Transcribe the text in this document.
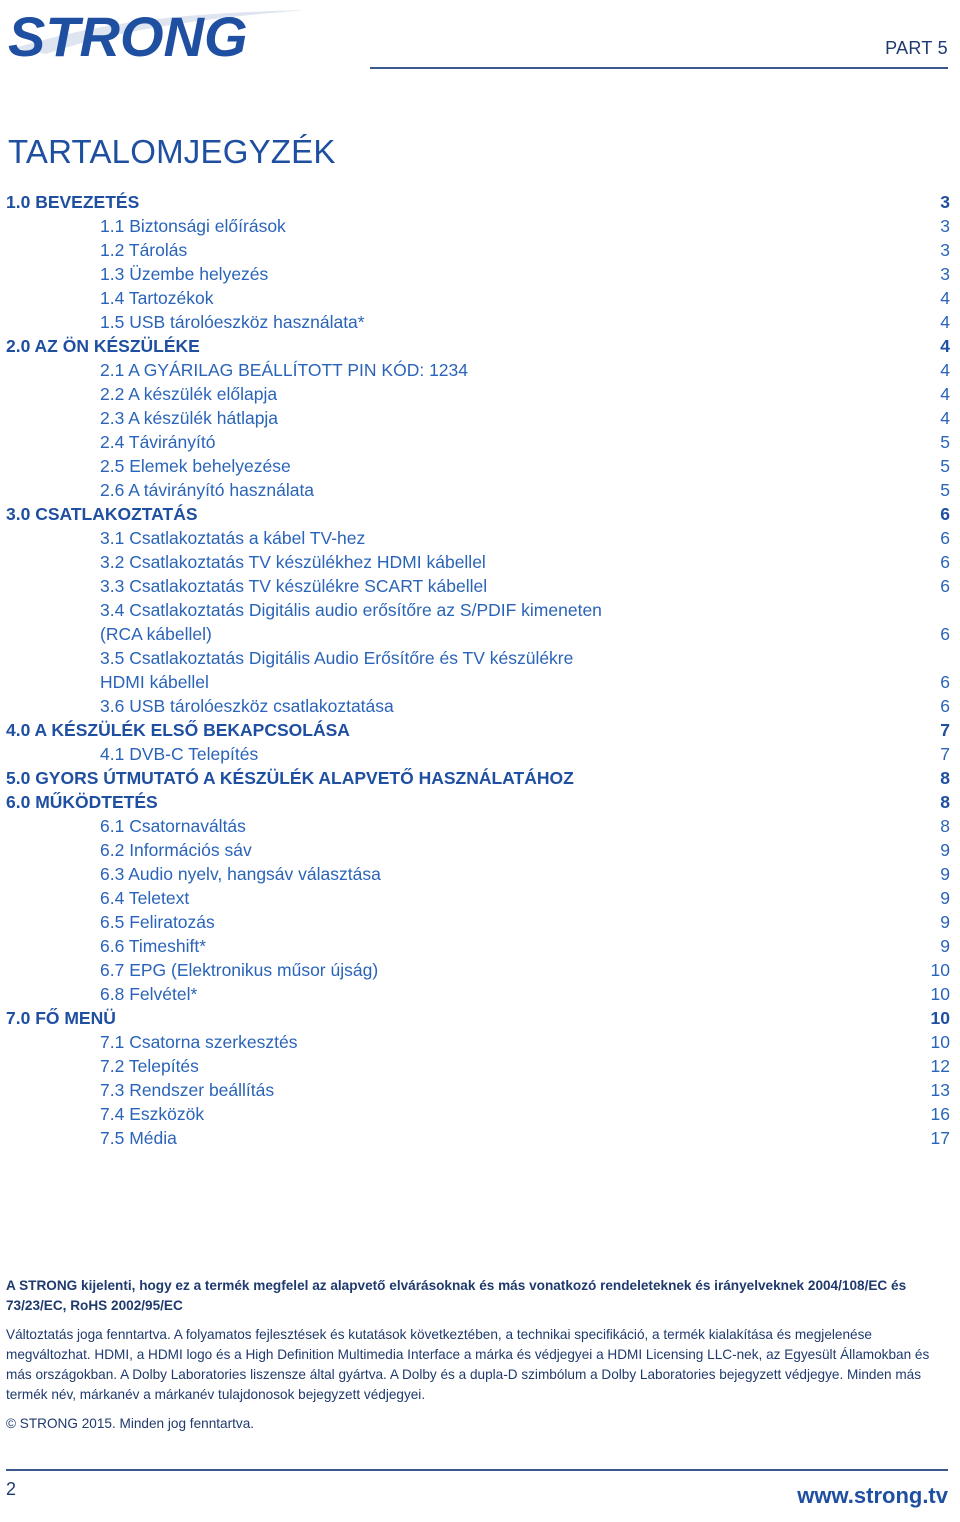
STRONG	PART 5
TARTALOMJEGYZÉK
1.0 BEVEZETÉS	3
1.1 Biztonsági előírások	3
1.2 Tárolás	3
1.3 Üzembe helyezés	3
1.4 Tartozékok	4
1.5 USB tárolóeszköz használata*	4
2.0 AZ ÖN KÉSZÜLÉKE	4
2.1 A GYÁRILAG BEÁLLÍTOTT PIN KÓD: 1234	4
2.2 A készülék előlapja	4
2.3 A készülék hátlapja	4
2.4 Távirányító	5
2.5 Elemek behelyezése	5
2.6 A távirányító használata	5
3.0 CSATLAKOZTATÁS	6
3.1 Csatlakoztatás a kábel TV-hez	6
3.2 Csatlakoztatás TV készülékhez HDMI kábellel	6
3.3 Csatlakoztatás TV készülékre SCART kábellel	6
3.4 Csatlakoztatás Digitális audio erősítőre az S/PDIF kimeneten
(RCA kábellel)	6
3.5 Csatlakoztatás Digitális Audio Erősítőre és TV készülékre
HDMI kábellel	6
3.6 USB tárolóeszköz csatlakoztatása	6
4.0 A KÉSZÜLÉK ELSŐ BEKAPCSOLÁSA	7
4.1 DVB-C Telepítés	7
5.0 GYORS ÚTMUTATÓ A KÉSZÜLÉK ALAPVETŐ HASZNÁLATÁHOZ	8
6.0 MŰKÖDTETÉS	8
6.1 Csatornaváltás	8
6.2 Információs sáv	9
6.3 Audio nyelv, hangsáv választása	9
6.4 Teletext	9
6.5 Feliratozás	9
6.6 Timeshift*	9
6.7 EPG (Elektronikus műsor újság)	10
6.8 Felvétel*	10
7.0 FŐ MENÜ	10
7.1 Csatorna szerkesztés	10
7.2 Telepítés	12
7.3 Rendszer beállítás	13
7.4 Eszközök	16
7.5 Média	17

A STRONG kijelenti, hogy ez a termék megfelel az alapvető elvárásoknak és más vonatkozó rendeleteknek és irányelveknek 2004/108/EC és 73/23/EC, RoHS 2002/95/EC

Változtatás joga fenntartva. A folyamatos fejlesztések és kutatások következtében, a technikai specifikáció, a termék kialakítása és megjelenése megváltozhat. HDMI, a HDMI logo és a High Definition Multimedia Interface a márka és védjegyei a HDMI Licensing LLC-nek, az Egyesült Államokban és más országokban. A Dolby Laboratories liszensze által gyártva. A Dolby és a dupla-D szimbólum a Dolby Laboratories bejegyzett védjegye. Minden más termék név, márkanév a márkanév tulajdonosok bejegyzett védjegyei.

© STRONG 2015. Minden jog fenntartva.

2	www.strong.tv
